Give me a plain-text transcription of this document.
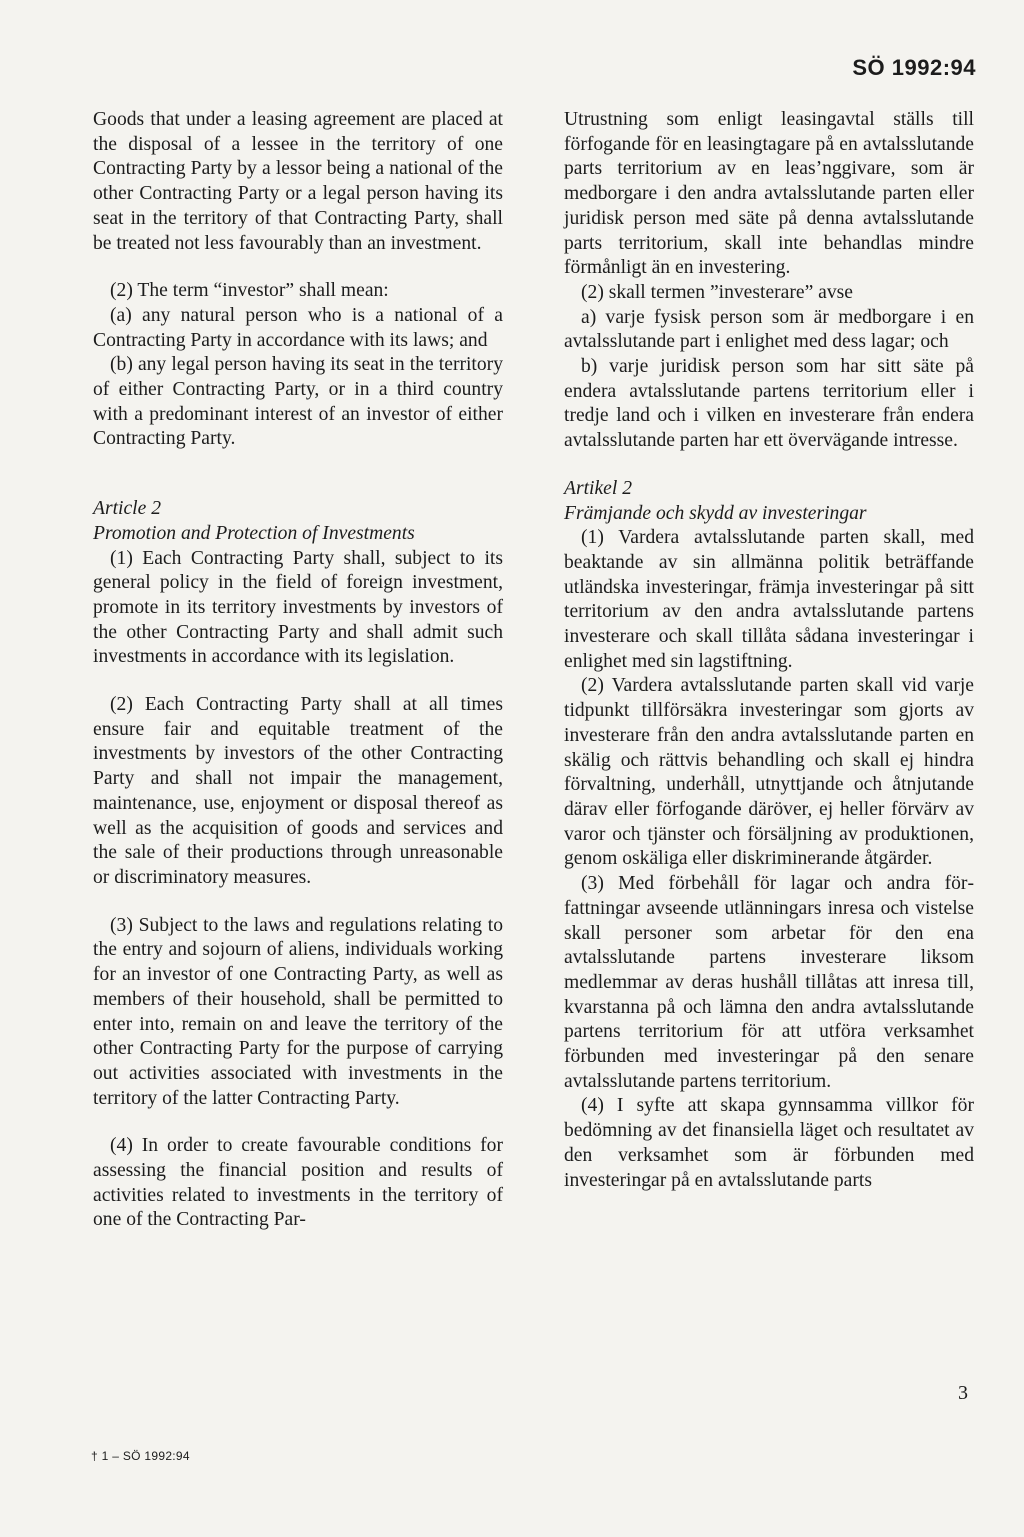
SÖ 1992:94

Goods that under a leasing agreement are placed at the disposal of a lessee in the territory of one Contracting Party by a lessor being a national of the other Contracting Party or a legal person having its seat in the territory of that Contracting Party, shall be treated not less favourably than an investment.

(2) The term “investor” shall mean:

(a) any natural person who is a national of a Contracting Party in accordance with its laws; and

(b) any legal person having its seat in the territory of either Contracting Party, or in a third country with a predominant interest of an investor of either Contracting Party.

Article 2

Promotion and Protection of Investments

(1) Each Contracting Party shall, subject to its general policy in the field of foreign investment, promote in its territory investments by investors of the other Contracting Party and shall admit such investments in accordance with its legislation.

(2) Each Contracting Party shall at all times ensure fair and equitable treatment of the investments by investors of the other Contracting Party and shall not impair the management, maintenance, use, enjoyment or disposal thereof as well as the acquisition of goods and services and the sale of their productions through unreasonable or discriminatory measures.

(3) Subject to the laws and regulations relating to the entry and sojourn of aliens, individuals working for an investor of one Contracting Party, as well as members of their household, shall be permitted to enter into, remain on and leave the territory of the other Contracting Party for the purpose of carrying out activities associated with investments in the territory of the latter Contracting Party.

(4) In order to create favourable conditions for assessing the financial position and results of activities related to investments in the territory of one of the Contracting Par-

Utrustning som enligt leasingavtal ställs till förfogande för en leasingtagare på en avtalsslutande parts territorium av en leas’nggivare, som är medborgare i den andra avtalsslutande parten eller juridisk person med säte på denna avtalsslutande parts territorium, skall inte behandlas mindre förmånligt än en investering.

(2) skall termen ”investerare” avse

a) varje fysisk person som är medborgare i en avtalsslutande part i enlighet med dess lagar; och

b) varje juridisk person som har sitt säte på endera avtalsslutande partens territorium eller i tredje land och i vilken en investerare från endera avtalsslutande parten har ett övervägande intresse.

Artikel 2

Främjande och skydd av investeringar

(1) Vardera avtalsslutande parten skall, med beaktande av sin allmänna politik beträffande utländska investeringar, främja investeringar på sitt territorium av den andra avtalsslutande partens investerare och skall tillåta sådana investeringar i enlighet med sin lagstiftning.

(2) Vardera avtalsslutande parten skall vid varje tidpunkt tillförsäkra investeringar som gjorts av investerare från den andra avtalsslutande parten en skälig och rättvis behandling och skall ej hindra förvaltning, underhåll, utnyttjande och åtnjutande därav eller förfogande däröver, ej heller förvärv av varor och tjänster och försäljning av produktionen, genom oskäliga eller diskriminerande åtgärder.

(3) Med förbehåll för lagar och andra författningar avseende utlänningars inresa och vistelse skall personer som arbetar för den ena avtalsslutande partens investerare liksom medlemmar av deras hushåll tillåtas att inresa till, kvarstanna på och lämna den andra avtalsslutande partens territorium för att utföra verksamhet förbunden med investeringar på den senare avtalsslutande partens territorium.

(4) I syfte att skapa gynnsamma villkor för bedömning av det finansiella läget och resultatet av den verksamhet som är förbunden med investeringar på en avtalsslutande parts

3
† 1 – SÖ 1992:94
